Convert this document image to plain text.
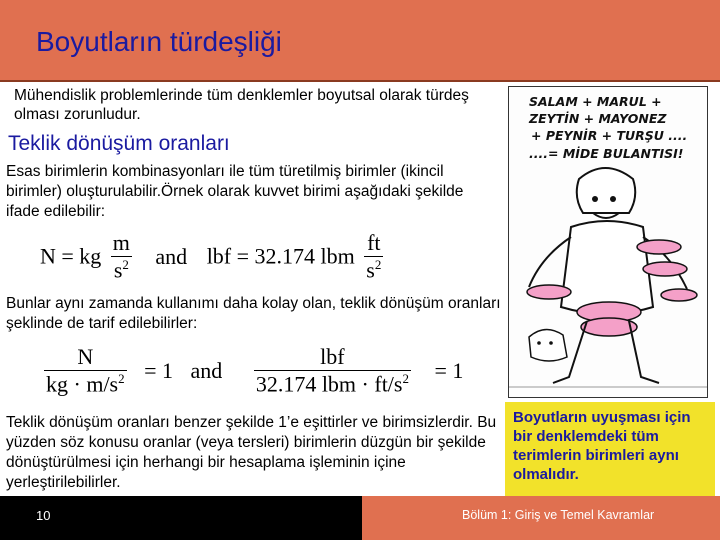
Boyutların türdeşliği
Mühendislik problemlerinde tüm denklemler boyutsal olarak türdeş olması zorunludur.
Teklik dönüşüm oranları
Esas birimlerin kombinasyonları ile tüm türetilmiş birimler (ikincil birimler) oluşturulabilir.Örnek olarak kuvvet birimi aşağıdaki şekilde ifade edilebilir:
N = kg $\frac{m}{s^2}$ and lbf = 32.174 lbm $\frac{ft}{s^2}$
Bunlar aynı zamanda kullanımı daha kolay olan, teklik dönüşüm oranları şeklinde de tarif edilebilirler:
$\frac{N}{kg \cdot m/s^2} = 1$ and $\frac{\text{lbf}}{32.174 lbm \cdot ft/s^2} = 1$
Teklik dönüşüm oranları benzer şekilde 1’e eşittirler ve birimsizlerdir. Bu yüzden söz konusu oranlar (veya tersleri) birimlerin düzgün bir şekilde dönüştürülmesi için herhangi bir hesaplama işleminin içine yerleştirilebilirler.
SALAM + MARUL +
ZEYTİN + MAYONEZ
+ PEYNİR + TURŞU ....
....= MİDE BULANTISI!
Boyutların uyuşması için bir denklemdeki tüm terimlerin birimleri aynı olmalıdır.
10	Bölüm 1: Giriş ve Temel Kavramlar
